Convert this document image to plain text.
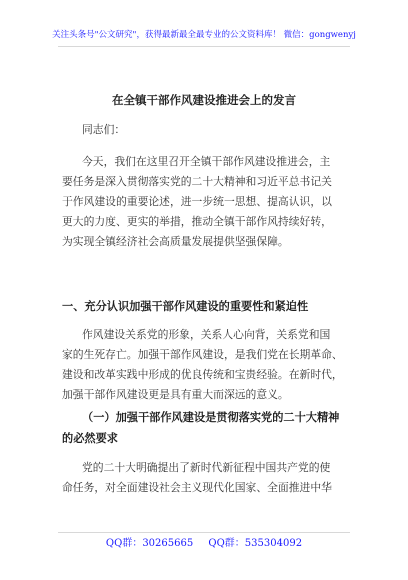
关注头条号"公文研究"，获得最新最全最专业的公文资料库！ 微信：gongwenyj
在全镇干部作风建设推进会上的发言

同志们：

今天，我们在这里召开全镇干部作风建设推进会，主
要任务是深入贯彻落实党的二十大精神和习近平总书记关
于作风建设的重要论述，进一步统一思想、提高认识，以
更大的力度、更实的举措，推动全镇干部作风持续好转，
为实现全镇经济社会高质量发展提供坚强保障。

一、充分认识加强干部作风建设的重要性和紧迫性

作风建设关系党的形象，关系人心向背，关系党和国
家的生死存亡。加强干部作风建设，是我们党在长期革命、
建设和改革实践中形成的优良传统和宝贵经验。在新时代，
加强干部作风建设更是具有重大而深远的意义。

（一）加强干部作风建设是贯彻落实党的二十大精神
的必然要求

党的二十大明确提出了新时代新征程中国共产党的使
命任务，对全面建设社会主义现代化国家、全面推进中华

QQ群：30265665 QQ群：535304092
